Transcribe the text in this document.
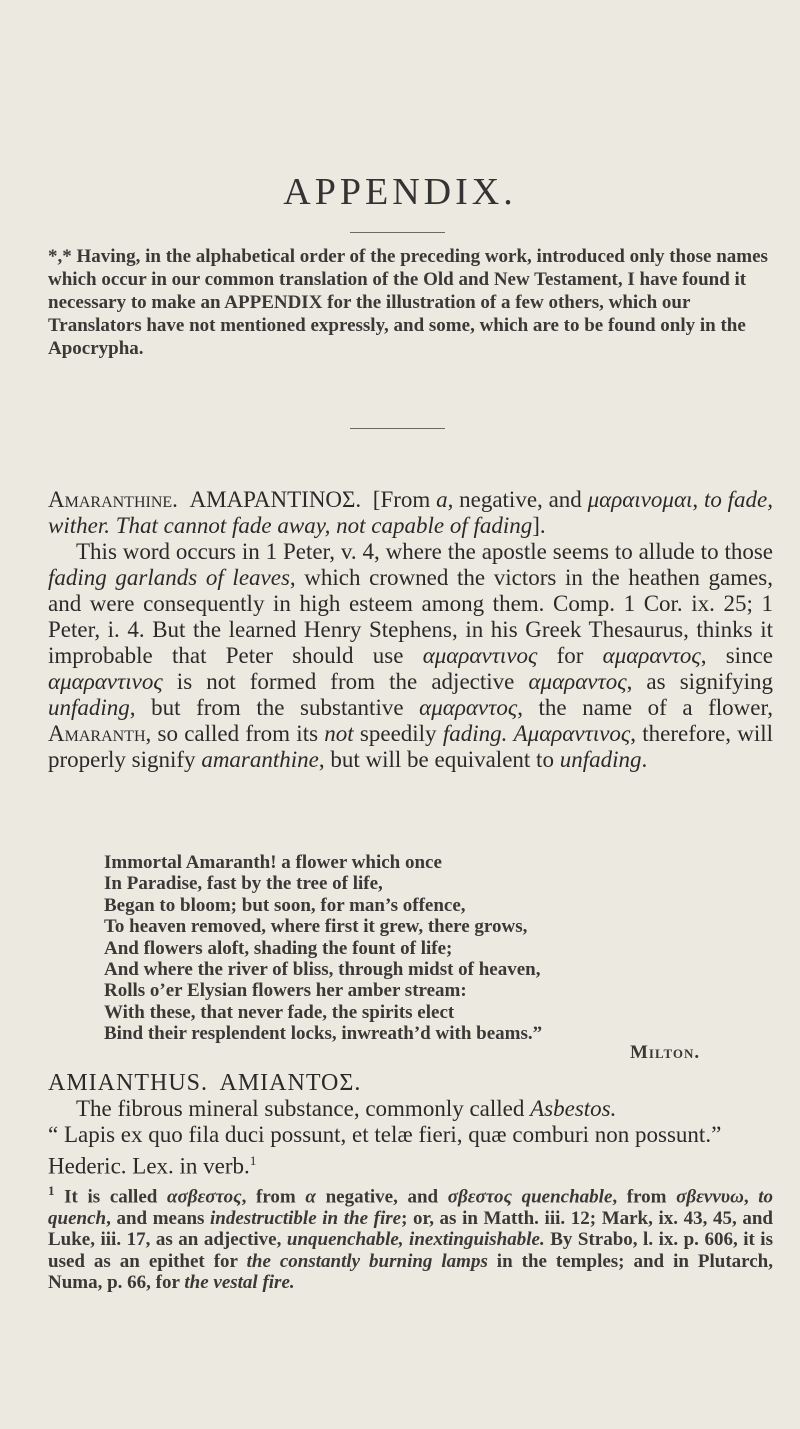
APPENDIX.
*,* Having, in the alphabetical order of the preceding work, introduced only those names which occur in our common translation of the Old and New Testament, I have found it necessary to make an APPENDIX for the illustration of a few others, which our Translators have not mentioned expressly, and some, which are to be found only in the Apocrypha.

Amaranthine. ΑΜΑΡΑΝΤΙΝΟΣ. [From a, negative, and μαραινομαι, to fade, wither. That cannot fade away, not capable of fading].

This word occurs in 1 Peter, v. 4, where the apostle seems to allude to those fading garlands of leaves, which crowned the victors in the heathen games, and were consequently in high esteem among them. Comp. 1 Cor. ix. 25; 1 Peter, i. 4. But the learned Henry Stephens, in his Greek Thesaurus, thinks it improbable that Peter should use αμαραντινος for αμαραντος, since αμαραντινος is not formed from the adjective αμαραντος, as signifying unfading, but from the substantive αμαραντος, the name of a flower, Amaranth, so called from its not speedily fading. Αμαραντινος, therefore, will properly signify amaranthine, but will be equivalent to unfading.

Immortal Amaranth! a flower which once
In Paradise, fast by the tree of life,
Began to bloom; but soon, for man’s offence,
To heaven removed, where first it grew, there grows,
And flowers aloft, shading the fount of life;
And where the river of bliss, through midst of heaven,
Rolls o’er Elysian flowers her amber stream:
With these, that never fade, the spirits elect
Bind their resplendent locks, inwreath’d with beams.”
Milton.

AMIANTHUS. ΑΜΙΑΝΤΟΣ.

The fibrous mineral substance, commonly called Asbestos.

“ Lapis ex quo fila duci possunt, et telæ fieri, quæ comburi non possunt.” Hederic. Lex. in verb.$^1$

$^1$ It is called ασβεστος, from α negative, and σβεστος quenchable, from σβεννυω, to quench, and means indestructible in the fire; or, as in Matth. iii. 12; Mark, ix. 43, 45, and Luke, iii. 17, as an adjective, unquenchable, inextinguishable. By Strabo, l. ix. p. 606, it is used as an epithet for the constantly burning lamps in the temples; and in Plutarch, Numa, p. 66, for the vestal fire.
